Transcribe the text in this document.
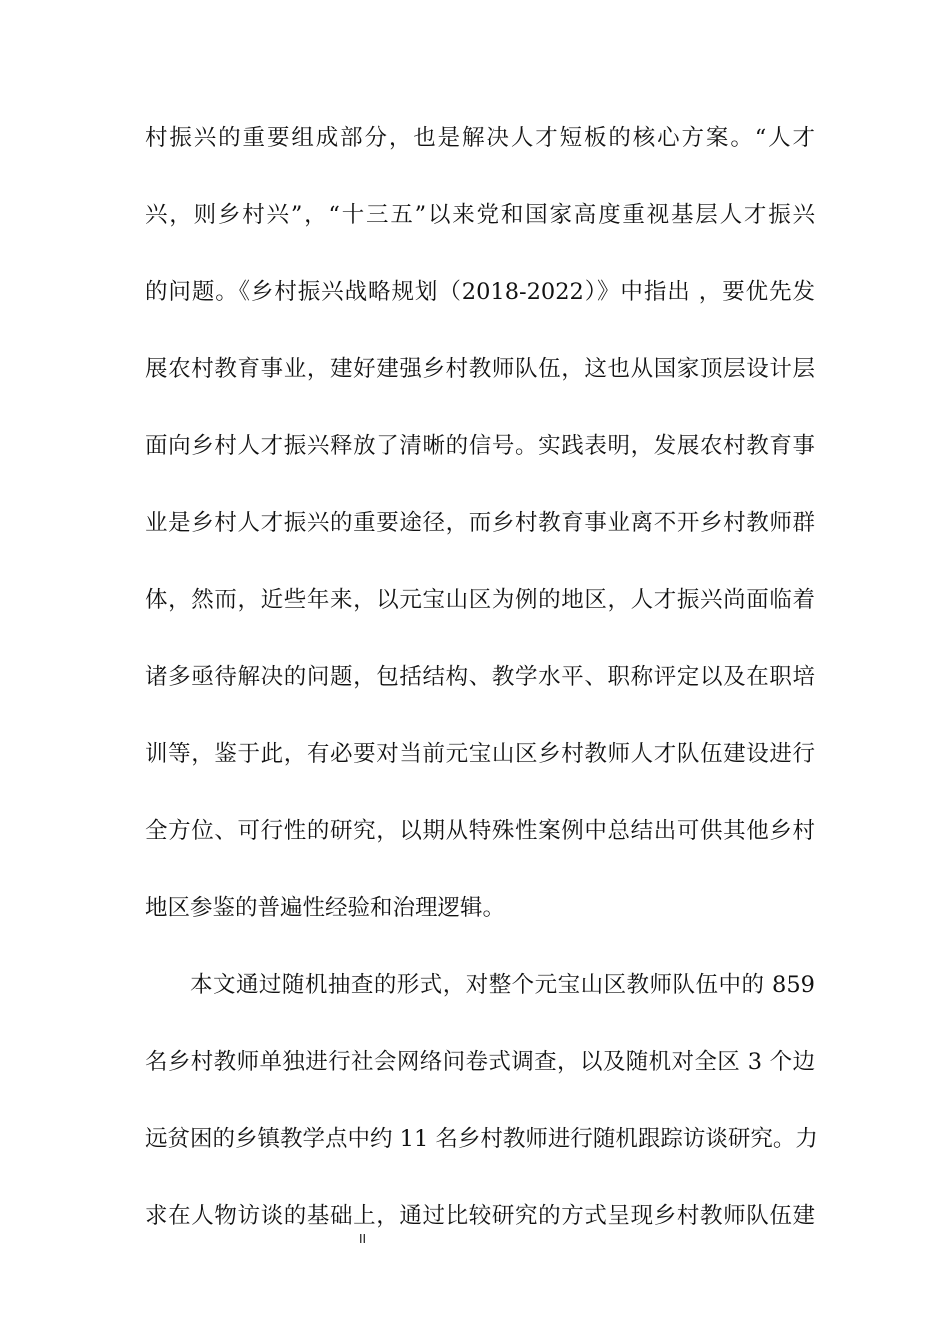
村振兴的重要组成部分，也是解决人才短板的核心方案。“人才
兴，则乡村兴”，“十三五”以来党和国家高度重视基层人才振兴
的问题。《乡村振兴战略规划（2018-2022）》中指出 ，要优先发
展农村教育事业，建好建强乡村教师队伍，这也从国家顶层设计层
面向乡村人才振兴释放了清晰的信号。实践表明，发展农村教育事
业是乡村人才振兴的重要途径，而乡村教育事业离不开乡村教师群
体，然而，近些年来，以元宝山区为例的地区，人才振兴尚面临着
诸多亟待解决的问题，包括结构、教学水平、职称评定以及在职培
训等，鉴于此，有必要对当前元宝山区乡村教师人才队伍建设进行
全方位、可行性的研究，以期从特殊性案例中总结出可供其他乡村
地区参鉴的普遍性经验和治理逻辑。
本文通过随机抽查的形式，对整个元宝山区教师队伍中的 859
名乡村教师单独进行社会网络问卷式调查，以及随机对全区 3 个边
远贫困的乡镇教学点中约 11 名乡村教师进行随机跟踪访谈研究。力
求在人物访谈的基础上，通过比较研究的方式呈现乡村教师队伍建
II
